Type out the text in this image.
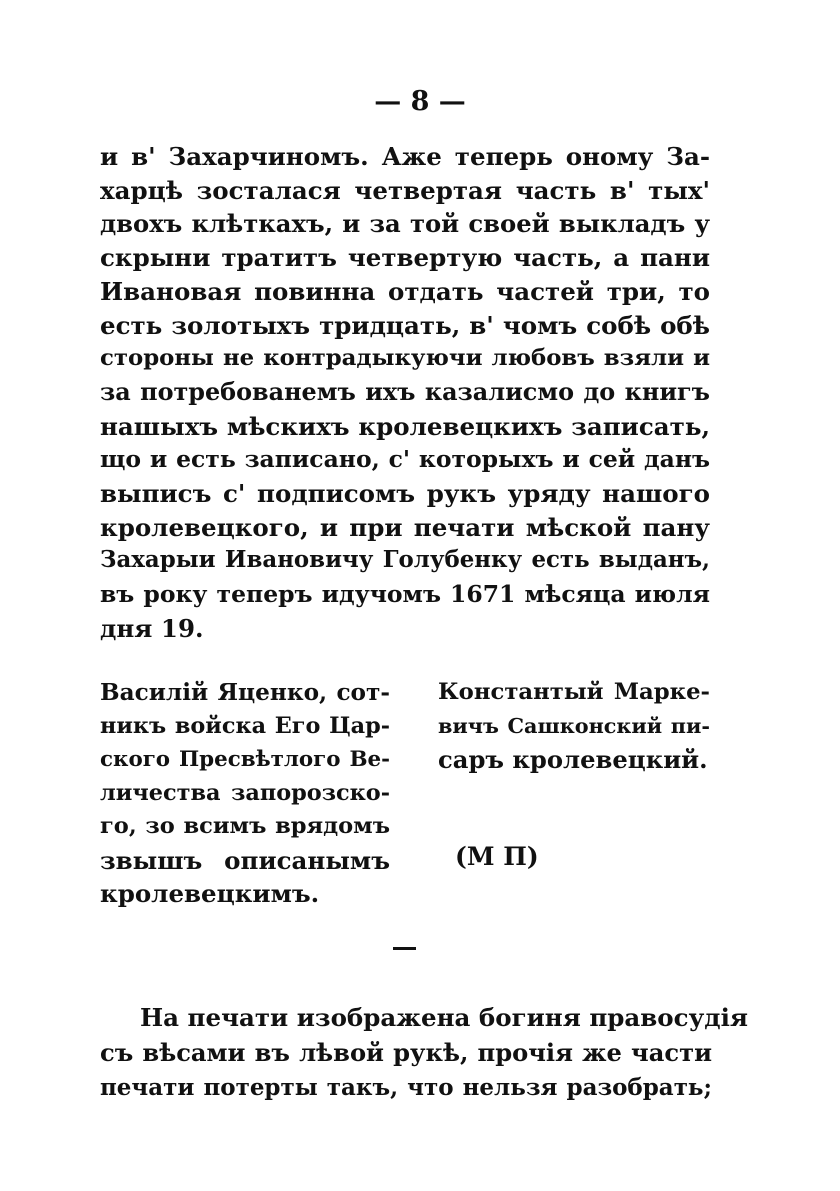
— 8 —
и в' Захарчиномъ. Аже теперь оному За-
харцѣ зосталася четвертая часть в' тых'
двохъ клѣткахъ, и за той своей выкладъ у
скрыни тратитъ четвертую часть, а пани
Ивановая повинна отдать частей три, то
есть золотыхъ тридцать, в' чомъ собѣ обѣ
стороны не контрадыкуючи любовъ взяли и
за потребованемъ ихъ казалисмо до книгъ
нашыхъ мѣскихъ кролевецкихъ записать,
що и есть записано, с' которыхъ и сей данъ
выписъ с' подписомъ рукъ уряду нашого
кролевецкого, и при печати мѣской пану
Захарыи Ивановичу Голубенку есть выданъ,
въ року теперъ идучомъ 1671 мѣсяца июля
дня 19.
Василій Яценко, сот-
никъ войска Его Цар-
ского Пресвѣтлого Ве-
личества запорозско-
го, зо всимъ врядомъ
звышъ описанымъ
кролевецкимъ.
Константый Марке-
вичъ Сашконский пи-
саръ кролевецкий.
(М П)
На печати изображена богиня правосудія
съ вѣсами въ лѣвой рукѣ, прочія же части
печати потерты такъ, что нельзя разобрать;
